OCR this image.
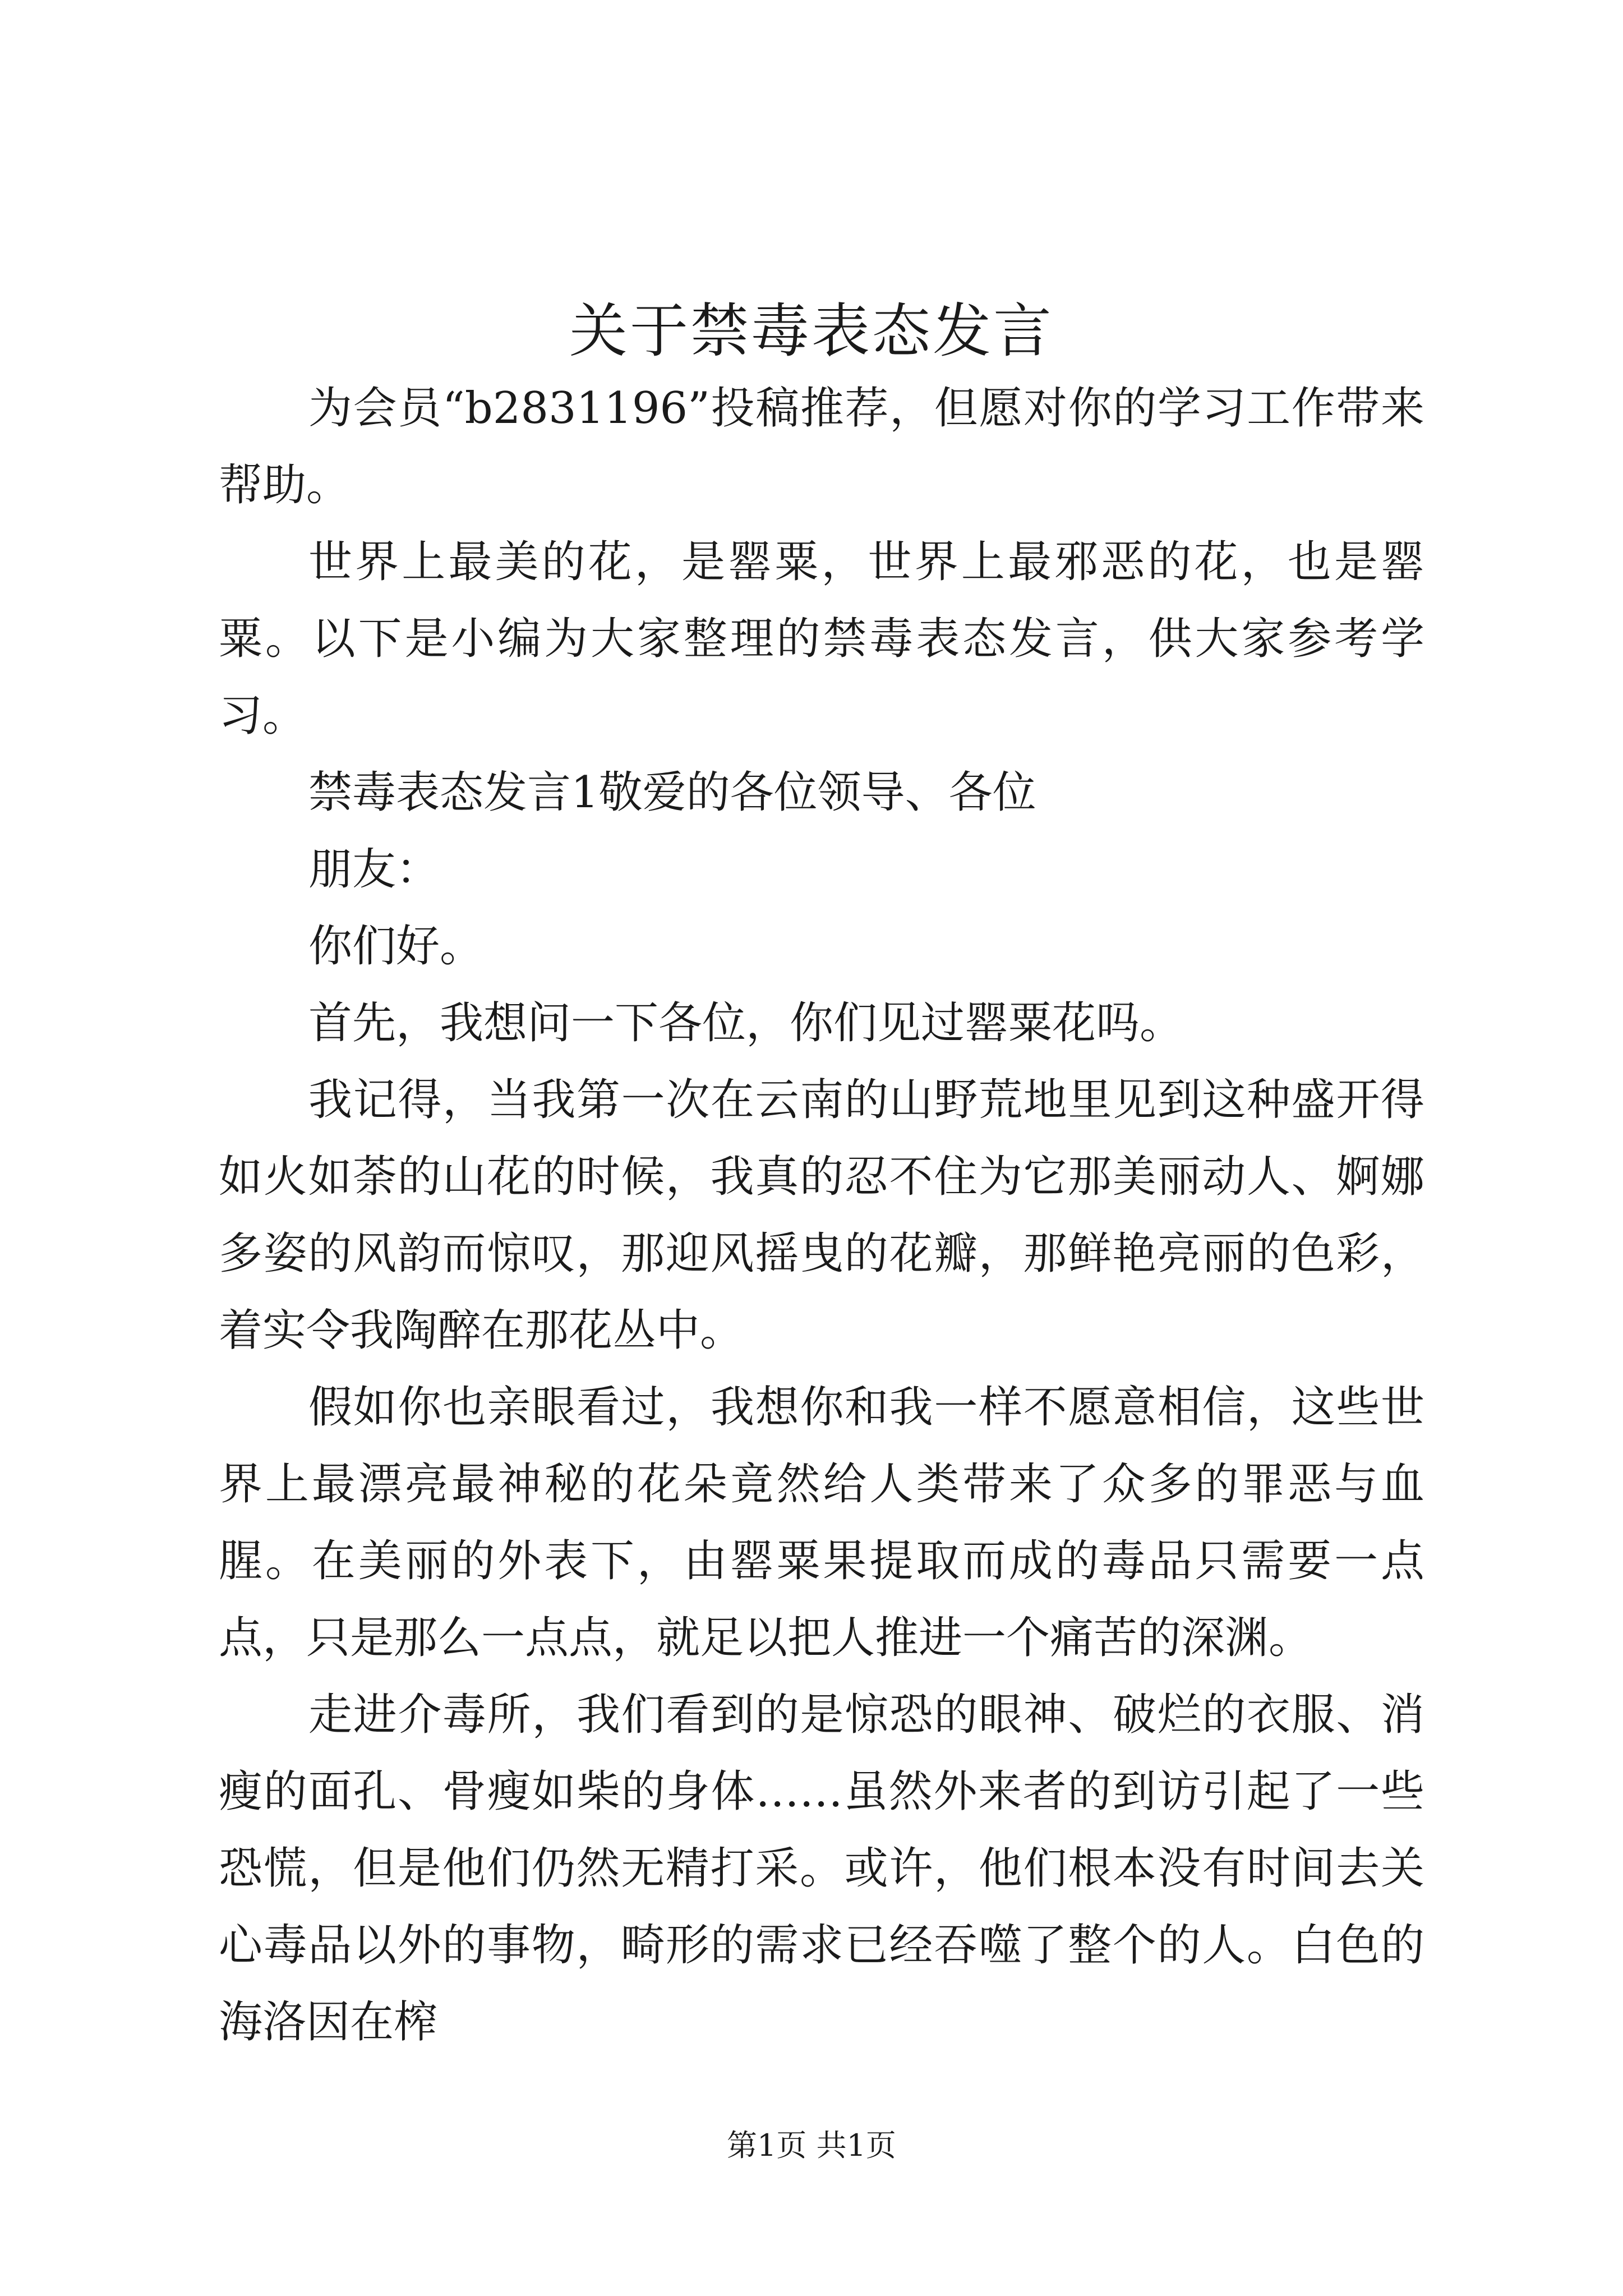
关于禁毒表态发言

为会员“b2831196”投稿推荐，但愿对你的学习工作带来帮助。

世界上最美的花，是罂粟，世界上最邪恶的花，也是罂粟。以下是小编为大家整理的禁毒表态发言，供大家参考学习。

禁毒表态发言1敬爱的各位领导、各位

朋友：

你们好。

首先，我想问一下各位，你们见过罂粟花吗。

我记得，当我第一次在云南的山野荒地里见到这种盛开得如火如荼的山花的时候，我真的忍不住为它那美丽动人、婀娜多姿的风韵而惊叹，那迎风摇曳的花瓣，那鲜艳亮丽的色彩，着实令我陶醉在那花丛中。

假如你也亲眼看过，我想你和我一样不愿意相信，这些世界上最漂亮最神秘的花朵竟然给人类带来了众多的罪恶与血腥。在美丽的外表下，由罂粟果提取而成的毒品只需要一点点，只是那么一点点，就足以把人推进一个痛苦的深渊。

走进介毒所，我们看到的是惊恐的眼神、破烂的衣服、消瘦的面孔、骨瘦如柴的身体……虽然外来者的到访引起了一些恐慌，但是他们仍然无精打采。或许，他们根本没有时间去关心毒品以外的事物，畸形的需求已经吞噬了整个的人。白色的海洛因在榨

第1页 共1页
